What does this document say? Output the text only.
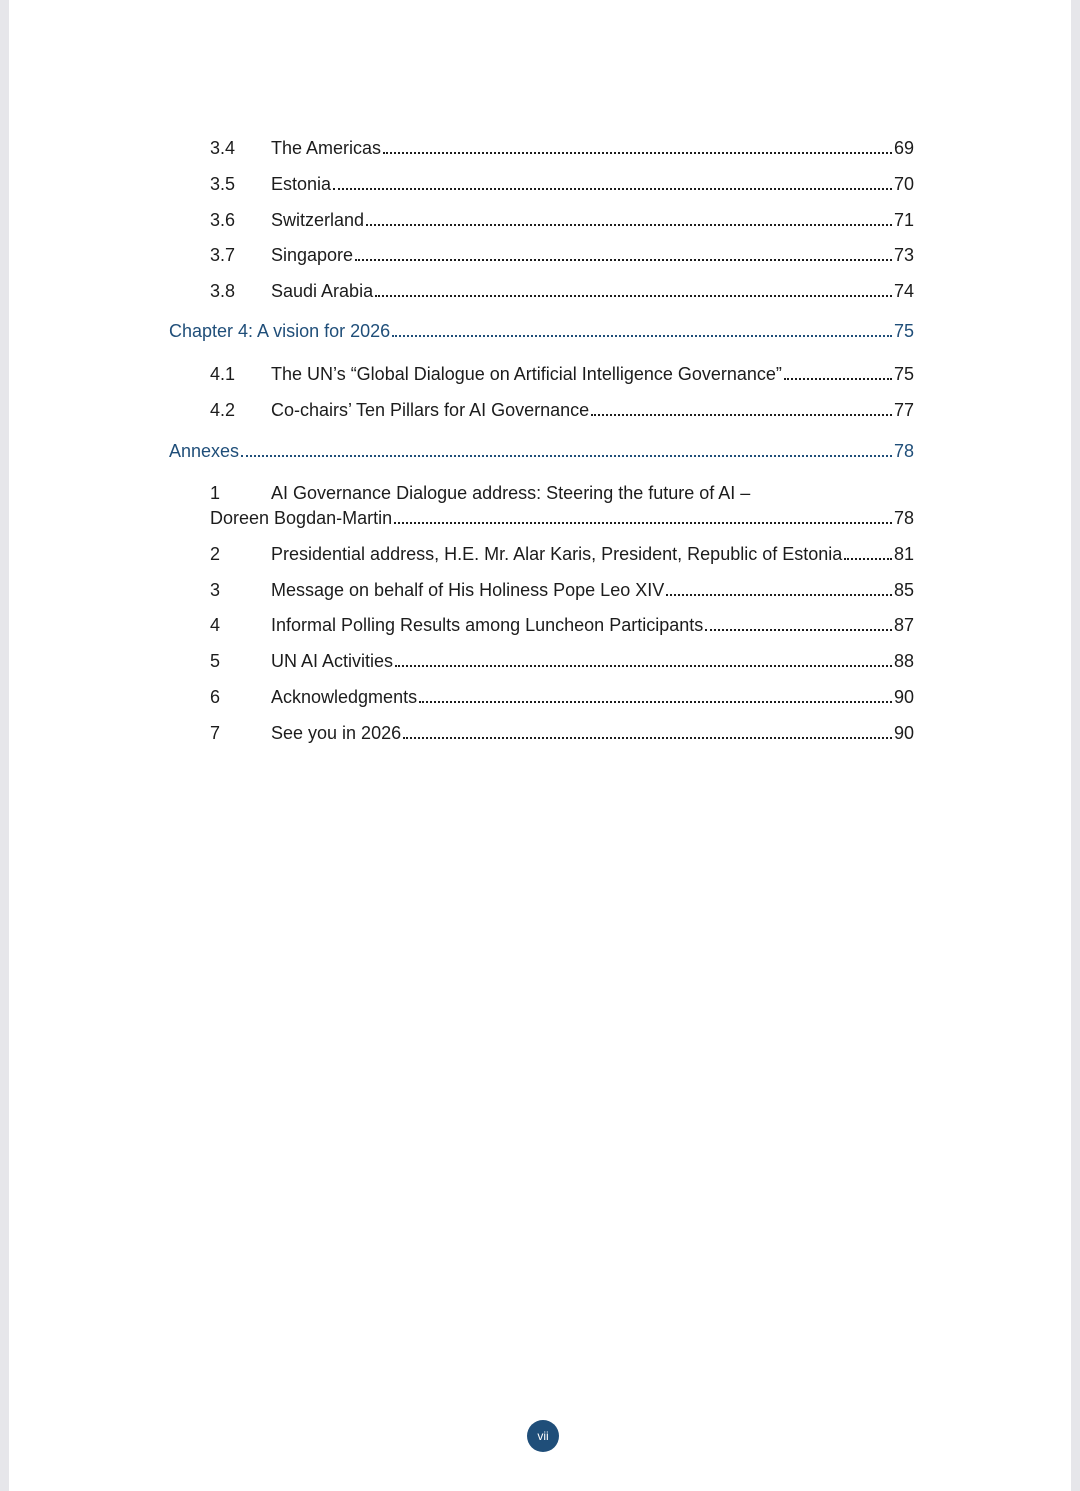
3.4	The Americas	69
3.5	Estonia	70
3.6	Switzerland	71
3.7	Singapore	73
3.8	Saudi Arabia	74
Chapter 4: A vision for 2026	75
4.1	The UN’s “Global Dialogue on Artificial Intelligence Governance”	75
4.2	Co-chairs’ Ten Pillars for AI Governance	77
Annexes	78
1	AI Governance Dialogue address: Steering the future of AI –
Doreen Bogdan-Martin	78
2	Presidential address, H.E. Mr. Alar Karis, President, Republic of Estonia	81
3	Message on behalf of His Holiness Pope Leo XIV	85
4	Informal Polling Results among Luncheon Participants	87
5	UN AI Activities	88
6	Acknowledgments	90
7	See you in 2026	90
vii
